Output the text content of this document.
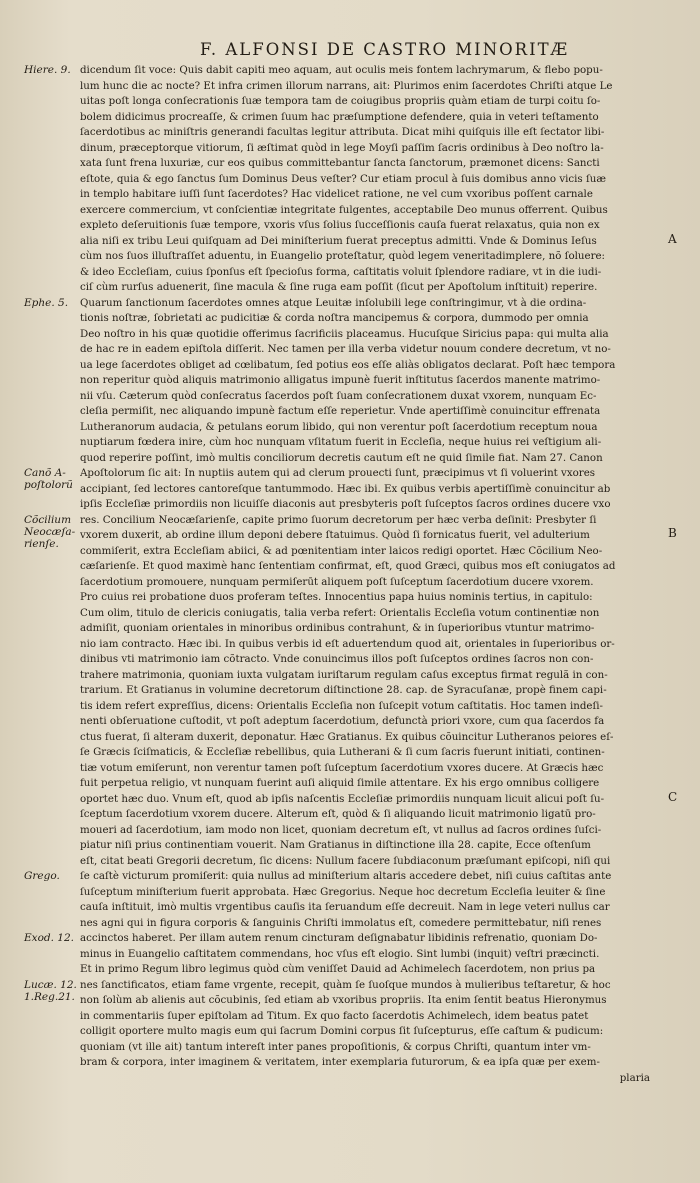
F. ALFONSI DE CASTRO MINORITÆ
dicendum ſit voce: Quis dabit capiti meo aquam, aut oculis meis fontem lachrymarum, & flebo popu-
lum hunc die ac nocte? Et infra crimen illorum narrans, ait: Plurimos enim ſacerdotes Chriſti atque Le
uitas poſt longa conſecrationis ſuæ tempora tam de coiugibus propriis quàm etiam de turpi coitu ſo-
bolem didicimus procreaſſe, & crimen ſuum hac præſumptione defendere, quia in veteri teſtamento
ſacerdotibus ac miniſtris generandi facultas legitur attributa. Dicat mihi quiſquis ille eſt ſectator libi-
dinum, præceptorque vitiorum, ſi æſtimat quòd in lege Moyſi paſſim ſacris ordinibus à Deo noſtro la-
xata ſunt frena luxuriæ, cur eos quibus committebantur ſancta ſanctorum, præmonet dicens: Sancti
eſtote, quia & ego ſanctus ſum Dominus Deus veſter? Cur etiam procul à ſuis domibus anno vicis ſuæ
in templo habitare iuſſi ſunt ſacerdotes? Hac videlicet ratione, ne vel cum vxoribus poſſent carnale
exercere commercium, vt conſcientiæ integritate fulgentes, acceptabile Deo munus offerrent. Quibus
expleto deſeruitionis ſuæ tempore, vxoris vſus ſolius ſucceſſionis cauſa fuerat relaxatus, quia non ex
alia niſi ex tribu Leui quiſquam ad Dei miniſterium fuerat preceptus admitti. Vnde & Dominus Ieſus
cùm nos ſuos illuſtraſſet aduentu, in Euangelio proteſtatur, quòd legem veneritadimplere, nõ ſoluere:
& ideo Eccleſiam, cuius ſponſus eſt ſpecioſus forma, caſtitatis voluit ſplendore radiare, vt in die iudi-
ciſ cùm rurſus aduenerit, ſine macula & ſine ruga eam poſſit (ſicut per Apoſtolum inſtituit) reperire.
Quarum ſanctionum ſacerdotes omnes atque Leuitæ inſolubili lege conſtringimur, vt à die ordina-
tionis noſtræ, ſobrietati ac pudicitiæ & corda noſtra mancipemus & corpora, dummodo per omnia
Deo noſtro in his quæ quotidie offerimus ſacrificiis placeamus. Hucuſque Siricius papa: qui multa alia
de hac re in eadem epiſtola diſſerit. Nec tamen per illa verba videtur nouum condere decretum, vt no-
ua lege ſacerdotes obliget ad cœlibatum, ſed potius eos eſſe aliàs obligatos declarat. Poſt hæc tempora
non reperitur quòd aliquis matrimonio alligatus impunè fuerit inſtitutus ſacerdos manente matrimo-
nii vſu. Cæterum quòd conſecratus ſacerdos poſt ſuam conſecrationem duxat vxorem, nunquam Ec-
cleſia permiſit, nec aliquando impunè factum eſſe reperietur. Vnde apertiſſimè conuincitur effrenata
Lutheranorum audacia, & petulans eorum libido, qui non verentur poſt ſacerdotium receptum noua
nuptiarum fœdera inire, cùm hoc nunquam vſitatum fuerit in Eccleſia, neque huius rei veſtigium ali-
quod reperire poſſint, imò multis conciliorum decretis cautum eſt ne quid ſimile fiat. Nam 27. Canon
Apoſtolorum ſic ait: In nuptiis autem qui ad clerum prouecti ſunt, præcipimus vt ſi voluerint vxores
accipiant, ſed lectores cantoreſque tantummodo. Hæc ibi. Ex quibus verbis apertiſſimè conuincitur ab
ipſis Eccleſiæ primordiis non licuiſſe diaconis aut presbyteris poſt ſuſceptos ſacros ordines ducere vxo
res. Concilium Neocæſarienſe, capite primo ſuorum decretorum per hæc verba deſinit: Presbyter ſi
vxorem duxerit, ab ordine illum deponi debere ſtatuimus. Quòd ſi fornicatus fuerit, vel adulterium
commiſerit, extra Eccleſiam abiici, & ad pœnitentiam inter laicos redigi oportet. Hæc Cõcilium Neo-
cæſarienſe. Et quod maximè hanc ſententiam confirmat, eſt, quod Græci, quibus mos eſt coniugatos ad
ſacerdotium promouere, nunquam permiſerūt aliquem poſt ſuſceptum ſacerdotium ducere vxorem.
Pro cuius rei probatione duos proferam teſtes. Innocentius papa huius nominis tertius, in capitulo:
Cum olim, titulo de clericis coniugatis, talia verba refert: Orientalis Eccleſia votum continentiæ non
admiſit, quoniam orientales in minoribus ordinibus contrahunt, & in ſuperioribus vtuntur matrimo-
nio iam contracto. Hæc ibi. In quibus verbis id eſt aduertendum quod ait, orientales in ſuperioribus or-
dinibus vti matrimonio iam cõtracto. Vnde conuincimus illos poſt ſuſceptos ordines ſacros non con-
trahere matrimonia, quoniam iuxta vulgatam iuriſtarum regulam caſus exceptus firmat regulã in con-
trarium. Et Gratianus in volumine decretorum diſtinctione 28. cap. de Syracuſanæ, propè finem capi-
tis idem refert expreſſius, dicens: Orientalis Eccleſia non ſuſcepit votum caſtitatis. Hoc tamen indeſi-
nenti obſeruatione cuſtodit, vt poſt adeptum ſacerdotium, defunctà priori vxore, cum qua ſacerdos fa
ctus fuerat, ſi alteram duxerit, deponatur. Hæc Gratianus. Ex quibus cõuincitur Lutheranos peiores eſ-
ſe Græcis ſciſmaticis, & Eccleſiæ rebellibus, quia Lutherani & ſi cum ſacris fuerunt initiati, continen-
tiæ votum emiſerunt, non verentur tamen poſt ſuſceptum ſacerdotium vxores ducere. At Græcis hæc
fuit perpetua religio, vt nunquam fuerint auſi aliquid ſimile attentare. Ex his ergo omnibus colligere
oportet hæc duo. Vnum eſt, quod ab ipſis naſcentis Eccleſiæ primordiis nunquam licuit alicui poſt ſu-
ſceptum ſacerdotium vxorem ducere. Alterum eſt, quòd & ſi aliquando licuit matrimonio ligatū pro-
moueri ad ſacerdotium, iam modo non licet, quoniam decretum eſt, vt nullus ad ſacros ordines ſuſci-
piatur niſi prius continentiam vouerit. Nam Gratianus in diſtinctione illa 28. capite, Ecce oſtenſum
eſt, citat beati Gregorii decretum, ſic dicens: Nullum facere ſubdiaconum præſumant epiſcopi, niſi qui
ſe caſtè victurum promiſerit: quia nullus ad miniſterium altaris accedere debet, niſi cuius caſtitas ante
ſuſceptum miniſterium fuerit approbata. Hæc Gregorius. Neque hoc decretum Eccleſia leuiter & ſine
cauſa inſtituit, imò multis vrgentibus cauſis ita ſeruandum eſſe decreuit. Nam in lege veteri nullus car
nes agni qui in figura corporis & ſanguinis Chriſti immolatus eſt, comedere permittebatur, niſi renes
accinctos haberet. Per illam autem renum cincturam deſignabatur libidinis refrenatio, quoniam Do-
minus in Euangelio caſtitatem commendans, hoc vſus eſt elogio. Sint lumbi (inquit) veſtri præcincti.
Et in primo Regum libro legimus quòd cùm veniſſet Dauid ad Achimelech ſacerdotem, non prius pa
nes ſanctificatos, etiam fame vrgente, recepit, quàm ſe ſuoſque mundos à mulieribus teſtaretur, & hoc
non ſolùm ab alienis aut cõcubinis, ſed etiam ab vxoribus propriis. Ita enim ſentit beatus Hieronymus
in commentariis ſuper epiſtolam ad Titum. Ex quo facto ſacerdotis Achimelech, idem beatus patet
colligit oportere multo magis eum qui ſacrum Domini corpus ſit ſuſcepturus, eſſe caſtum & pudicum:
quoniam (vt ille ait) tantum intereſt inter panes propoſitionis, & corpus Chriſti, quantum inter vm-
bram & corpora, inter imaginem & veritatem, inter exemplaria futurorum, & ea ipſa quæ per exem-
plaria
Hiere. 9.
Ephe. 5.
Canõ A-
poſtolorũ
Cõcilium
Neocæſa-
rienſe.
Grego.
Exod. 12.
Lucæ. 12.
1.Reg.21.
A
B
C
